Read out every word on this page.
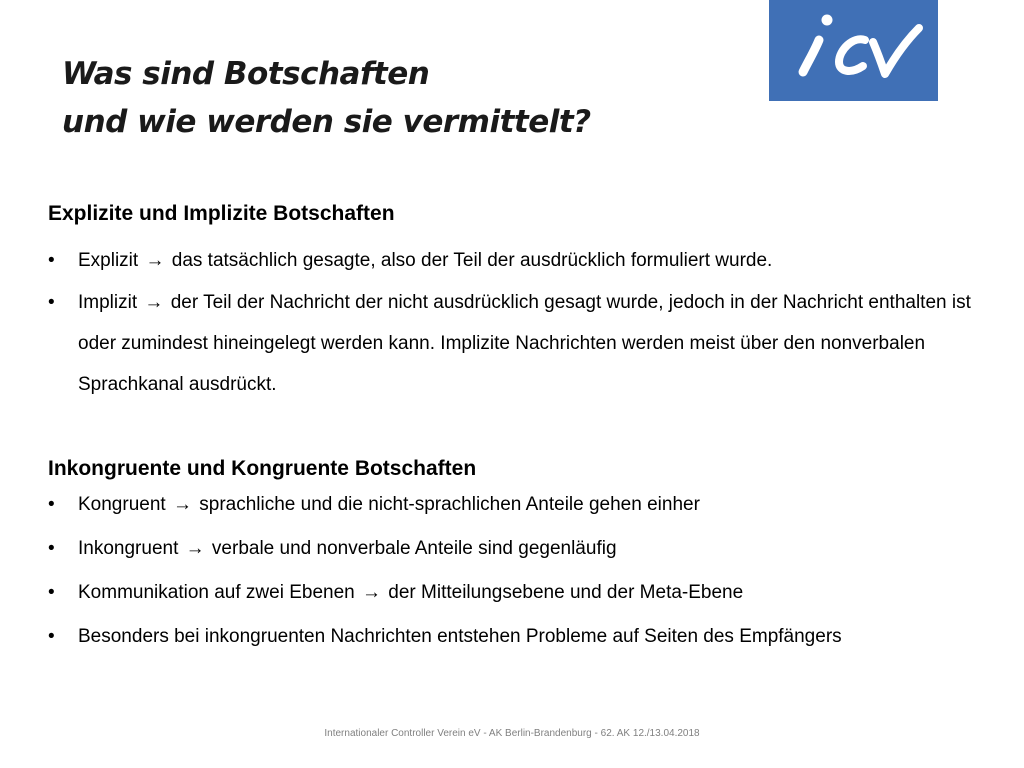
Was sind Botschaften
und wie werden sie vermittelt?
Explizite und Implizite Botschaften
• Explizit → das tatsächlich gesagte, also der Teil der ausdrücklich formuliert wurde.
• Implizit → der Teil der Nachricht der nicht ausdrücklich gesagt wurde, jedoch in der Nachricht enthalten ist oder zumindest hineingelegt werden kann. Implizite Nachrichten werden meist über den nonverbalen Sprachkanal ausdrückt.
Inkongruente und Kongruente Botschaften
• Kongruent → sprachliche und die nicht-sprachlichen Anteile gehen einher
• Inkongruent → verbale und nonverbale Anteile sind gegenläufig
• Kommunikation auf zwei Ebenen → der Mitteilungsebene und der Meta-Ebene
• Besonders bei inkongruenten Nachrichten entstehen Probleme auf Seiten des Empfängers
Internationaler Controller Verein eV - AK Berlin-Brandenburg - 62. AK 12./13.04.2018
